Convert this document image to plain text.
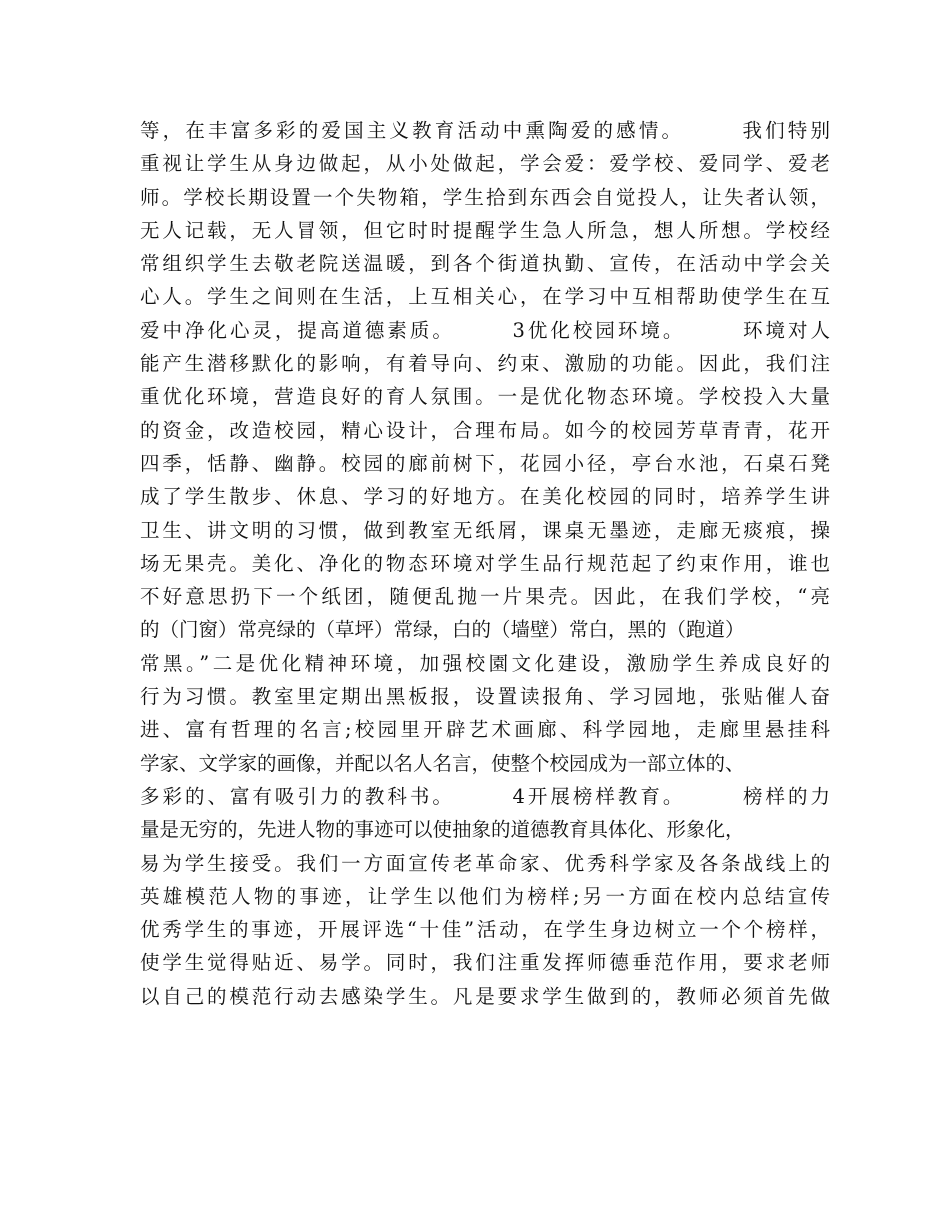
等，在丰富多彩的爱国主义教育活动中熏陶爱的感情。　　　我们特别
重视让学生从身边做起，从小处做起，学会爱：爱学校、爱同学、爱老
师。学校长期设置一个失物箱，学生拾到东西会自觉投人，让失者认领，
无人记载，无人冒领，但它时时提醒学生急人所急，想人所想。学校经
常组织学生去敬老院送温暖，到各个街道执勤、宣传，在活动中学会关
心人。学生之间则在生活，上互相关心，在学习中互相帮助使学生在互
爱中净化心灵，提高道德素质。　　　3优化校园环境。　　　环境对人
能产生潜移默化的影响，有着导向、约束、激励的功能。因此，我们注
重优化环境，营造良好的育人氛围。一是优化物态环境。学校投入大量
的资金，改造校园，精心设计，合理布局。如今的校园芳草青青，花开
四季，恬静、幽静。校园的廊前树下，花园小径，亭台水池，石桌石凳
成了学生散步、休息、学习的好地方。在美化校园的同时，培养学生讲
卫生、讲文明的习惯，做到教室无纸屑，课桌无墨迹，走廊无痰痕，操
场无果壳。美化、净化的物态环境对学生品行规范起了约束作用，谁也
不好意思扔下一个纸团，随便乱抛一片果壳。因此，在我们学校，“亮
的（门窗）常亮绿的（草坪）常绿，白的（墙壁）常白，黑的（跑道）
常黑。”二是优化精神环境，加强校園文化建设，激励学生养成良好的
行为习惯。教室里定期出黑板报，设置读报角、学习园地，张贴催人奋
进、富有哲理的名言;校园里开辟艺术画廊、科学园地，走廊里悬挂科
学家、文学家的画像，并配以名人名言，使整个校园成为一部立体的、
多彩的、富有吸引力的教科书。　　　4开展榜样教育。　　　榜样的力
量是无穷的，先进人物的事迹可以使抽象的道德教育具体化、形象化，
易为学生接受。我们一方面宣传老革命家、优秀科学家及各条战线上的
英雄模范人物的事迹，让学生以他们为榜样;另一方面在校内总结宣传
优秀学生的事迹，开展评选“十佳”活动，在学生身边树立一个个榜样，
使学生觉得贴近、易学。同时，我们注重发挥师德垂范作用，要求老师
以自己的模范行动去感染学生。凡是要求学生做到的，教师必须首先做
